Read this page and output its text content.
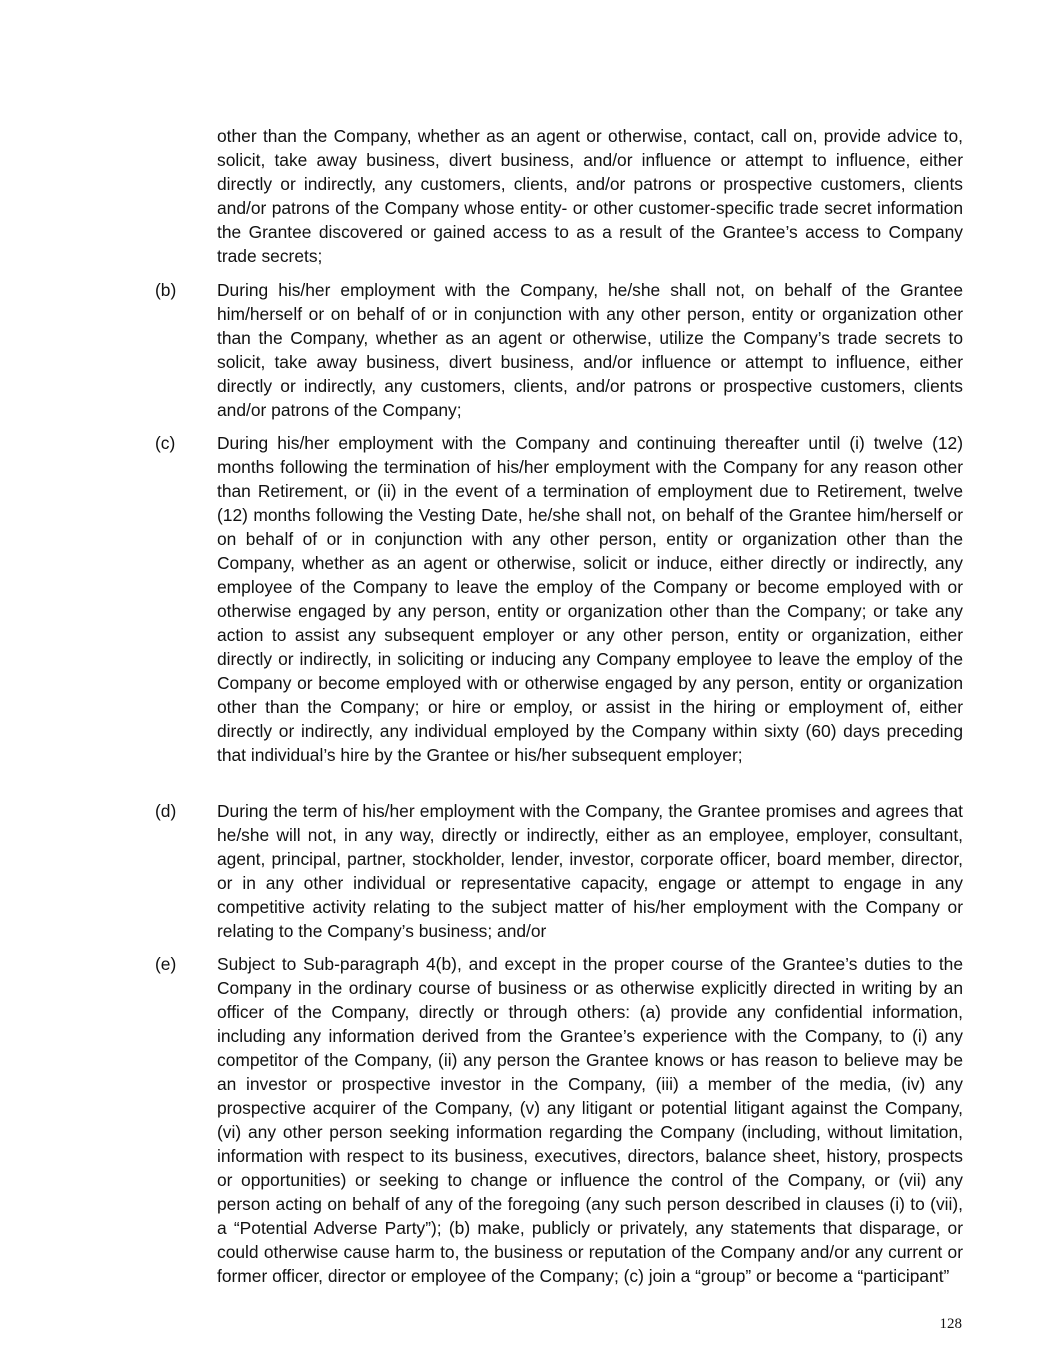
other than the Company, whether as an agent or otherwise, contact, call on, provide advice to, solicit, take away business, divert business, and/or influence or attempt to influence, either directly or indirectly, any customers, clients, and/or patrons or prospective customers, clients and/or patrons of the Company whose entity- or other customer-specific trade secret information the Grantee discovered or gained access to as a result of the Grantee’s access to Company trade secrets;

(b) During his/her employment with the Company, he/she shall not, on behalf of the Grantee him/herself or on behalf of or in conjunction with any other person, entity or organization other than the Company, whether as an agent or otherwise, utilize the Company’s trade secrets to solicit, take away business, divert business, and/or influence or attempt to influence, either directly or indirectly, any customers, clients, and/or patrons or prospective customers, clients and/or patrons of the Company;

(c) During his/her employment with the Company and continuing thereafter until (i) twelve (12) months following the termination of his/her employment with the Company for any reason other than Retirement, or (ii) in the event of a termination of employment due to Retirement, twelve (12) months following the Vesting Date, he/she shall not, on behalf of the Grantee him/herself or on behalf of or in conjunction with any other person, entity or organization other than the Company, whether as an agent or otherwise, solicit or induce, either directly or indirectly, any employee of the Company to leave the employ of the Company or become employed with or otherwise engaged by any person, entity or organization other than the Company; or take any action to assist any subsequent employer or any other person, entity or organization, either directly or indirectly, in soliciting or inducing any Company employee to leave the employ of the Company or become employed with or otherwise engaged by any person, entity or organization other than the Company; or hire or employ, or assist in the hiring or employment of, either directly or indirectly, any individual employed by the Company within sixty (60) days preceding that individual’s hire by the Grantee or his/her subsequent employer;

(d) During the term of his/her employment with the Company, the Grantee promises and agrees that he/she will not, in any way, directly or indirectly, either as an employee, employer, consultant, agent, principal, partner, stockholder, lender, investor, corporate officer, board member, director, or in any other individual or representative capacity, engage or attempt to engage in any competitive activity relating to the subject matter of his/her employment with the Company or relating to the Company’s business; and/or

(e) Subject to Sub-paragraph 4(b), and except in the proper course of the Grantee’s duties to the Company in the ordinary course of business or as otherwise explicitly directed in writing by an officer of the Company, directly or through others: (a) provide any confidential information, including any information derived from the Grantee’s experience with the Company, to (i) any competitor of the Company, (ii) any person the Grantee knows or has reason to believe may be an investor or prospective investor in the Company, (iii) a member of the media, (iv) any prospective acquirer of the Company, (v) any litigant or potential litigant against the Company, (vi) any other person seeking information regarding the Company (including, without limitation, information with respect to its business, executives, directors, balance sheet, history, prospects or opportunities) or seeking to change or influence the control of the Company, or (vii) any person acting on behalf of any of the foregoing (any such person described in clauses (i) to (vii), a “Potential Adverse Party”); (b) make, publicly or privately, any statements that disparage, or could otherwise cause harm to, the business or reputation of the Company and/or any current or former officer, director or employee of the Company; (c) join a “group” or become a “participant”

128
